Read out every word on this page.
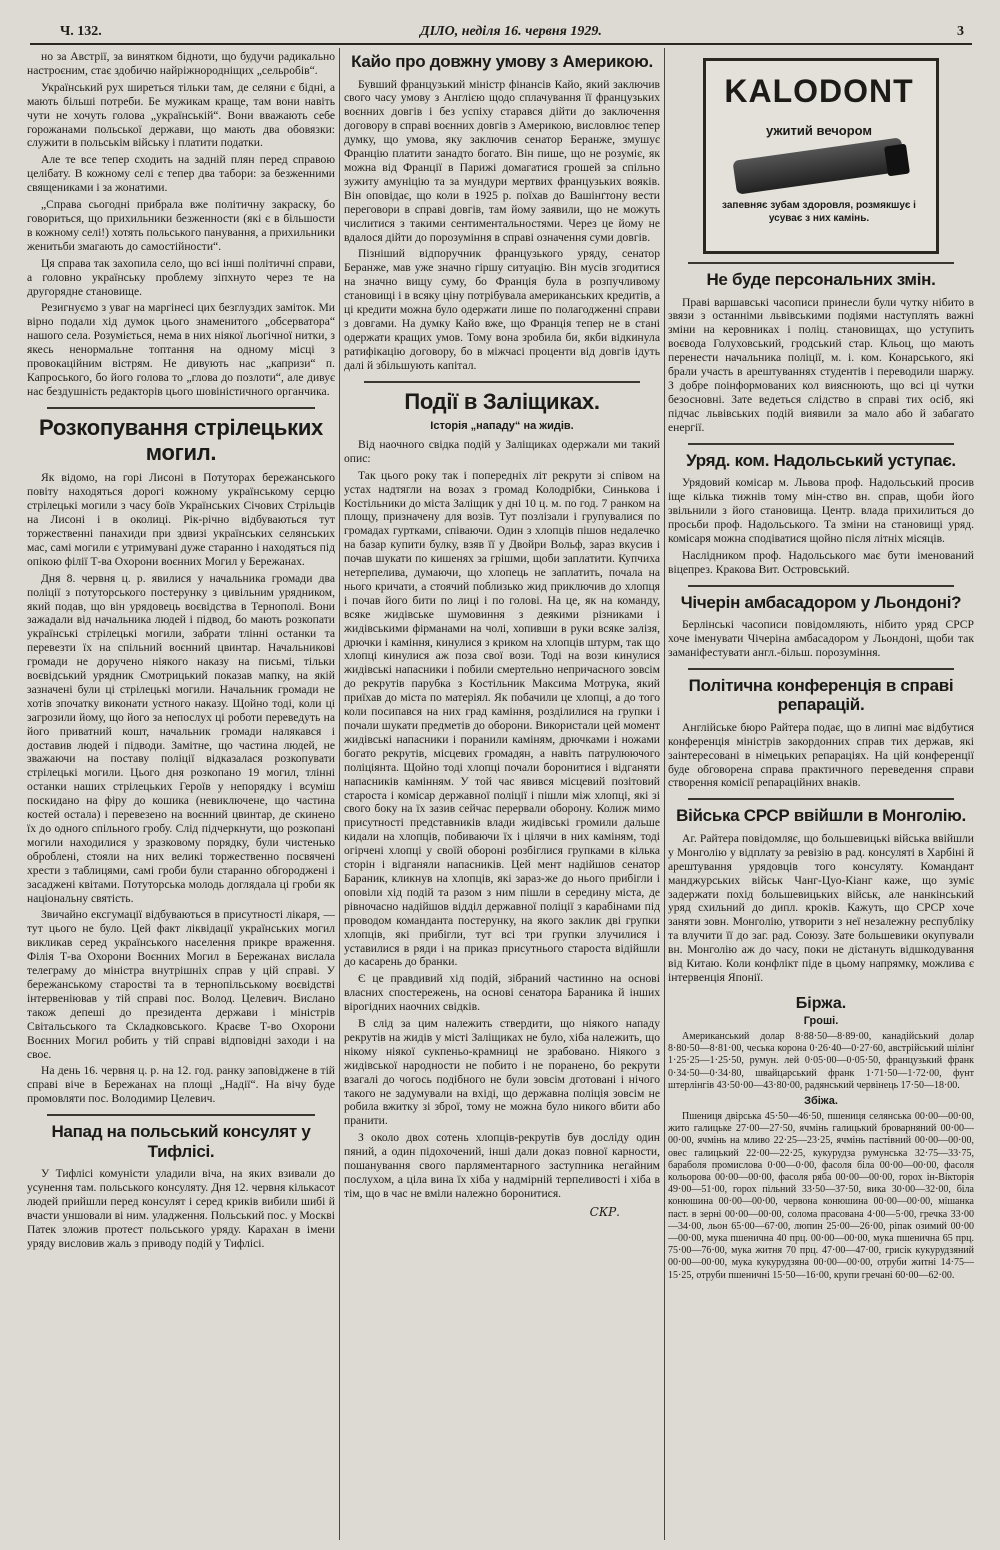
Ч. 132.	ДІЛО, неділя 16. червня 1929.	3

но за Австрії, за винятком бідноти, що будучи радикально настроєним, стає здобичю найріжнородніщих „сельробів“.

Український рух ширеться тільки там, де селяни є бідні, а мають більші потреби. Бе мужикам краще, там вони навіть чути не хочуть голова „українській“. Вони вважають себе горожанами польської держави, що мають два обовязки: служити в польськім війську і платити податки.

Але те все тепер сходить на задній плян перед справою целібату. В кожному селі є тепер два табори: за безженними священиками і за жонатими.

„Справа сьогодні прибрала вже політичну закраску, бо говориться, що прихильники безженности (які є в більшости в кожному селі!) хотять польського панування, а прихильники женитьби змагають до самостійности“.

Ця справа так захопила село, що всі інші політичні справи, а головно українську проблему зіпхнуто через те на другорядне становище.

Резигнуємо з уваг на маргінесі цих безглуздих заміток. Ми вірно подали хід думок цього знаменитого „обсерватора“ нашого села. Розуміється, нема в них ніякої льогічної нитки, з якесь ненормальне топтання на одному місці з провокаційним вістрям. Не дивують нас „капризи“ п. Капроського, бо його голова то „глова до позлоти“, але дивує нас бездушність редакторів цього шовіністичного органчика.

Розкопування стрілецьких могил.

Як відомо, на горі Лисоні в Потуторах бережанського повіту находяться дорогі кожному українському серцю стрілецькі могили з часу боїв Українських Січових Стрільців на Лисоні і в околиці. Рік-річно відбуваються тут торжественні панахиди при здвизі українських селянських мас, самі могили є утримувані дуже старанно і находяться під опікою філії Т-ва Охорони воєнних Могил у Бережанах.

Дня 8. червня ц. р. явилися у начальника громади два поліції з потуторського постерунку з цивільним урядником, який подав, що він урядовець воєвідства в Тернополі. Вони зажадали від начальника людей і підвод, бо мають розкопати українські стрілецькі могили, забрати тлінні останки та перевезти їх на спільний воєнний цвинтар. Начальникові громади не доручено ніякого наказу на письмі, тільки воєвідський урядник Смотрицький показав мапку, на якій зазначені були ці стрілецькі могили. Начальник громади не хотів зпочатку виконати устного наказу. Щойно тоді, коли ці загрозили йому, що його за непослух ці роботи переведуть на його приватний кошт, начальник громади налякався і доставив людей і підводи. Замітне, що частина людей, не зважаючи на поставу поліції відказалася розкопувати стрілецькі могили. Цього дня розкопано 19 могил, тлінні останки наших стрілецьких Героїв у непорядку і всуміш поскидано на фіру до кошика (невиключене, що частина костей остала) і перевезено на воєнний цвинтар, де скинено їх до одного спільного гробу. Слід підчеркнути, що розкопані могили находилися у зразковому порядку, були чистенько оброблені, стояли на них великі торжественно посвячені хрести з таблицями, самі гроби були старанно обгороджені і засаджені квітами. Потуторська молодь доглядала ці гроби як національну святість.

Звичайно ексгумації відбуваються в присутності лікаря, — тут цього не було. Цей факт ліквідації українських могил викликав серед українського населення прикре враження. Філія Т-ва Охорони Воєнних Могил в Бережанах вислала телеграму до міністра внутрішніх справ у цій справі. У бережанському старостві та в тернопільському воєвідстві інтервеніював у тій справі пос. Волод. Целевич. Вислано також депеші до президента держави і міністрів Світальського та Складковського. Краєве Т-во Охорони Воєнних Могил робить у тій справі відповідні заходи і на своє.

На день 16. червня ц. р. на 12. год. ранку заповіджене в тій справі віче в Бережанах на площі „Надії“. На вічу буде промовляти пос. Володимир Целевич.

Напад на польський консулят у Тифлісі.

У Тифлісі комуністи уладили віча, на яких взивали до усунення там. польського консуляту. Дня 12. червня кількасот людей прийшли перед консулят і серед криків вибили шибі й вчасти уншовали ві ним. уладження. Польський пос. у Москві Патек зложив протест польського уряду. Карахан в імени уряду висловив жаль з приводу подій у Тифлісі.

Кайо про довжну умову з Америкою.

Бувший французький міністр фінансів Кайо, який заключив свого часу умову з Англією щодо сплачування її французьких воєнних довгів і без успіху старався дійти до заключення договору в справі воєнних довгів з Америкою, висловлює тепер думку, що умова, яку заключив сенатор Беранже, змушує Францію платити занадто богато. Він пише, що не розуміє, як можна від Франції в Парижі домагатися грошей за спільно зужиту амуніцію та за мундури мертвих французьких вояків. Він оповідає, що коли в 1925 р. поїхав до Вашінґтону вести переговори в справі довгів, там йому заявили, що не можуть числитися з такими сентиментальностями. Через це йому не вдалося дійти до порозуміння в справі означення суми довгів.

Пізніший відпоручник французького уряду, сенатор Беранже, мав уже значно гіршу ситуацію. Він мусів згодитися на значно вищу суму, бо Франція була в розпучливому становищі і в всяку ціну потрібувала американських кредитів, а ці кредити можна було одержати лише по полагодженні справи з довгами. На думку Кайо вже, що Франція тепер не в стані одержати кращих умов. Тому вона зробила би, якби відкинула ратифікацію договору, бо в міжчасі проценти від довгів ідуть далі й збільшують капітал.

Події в Заліщиках.
Історія „нападу“ на жидів.

Від наочного свідка подій у Заліщиках одержали ми такий опис:

Так цього року так і попередніх літ рекрути зі співом на устах надтягли на возах з громад Колодрібки, Синькова і Костільники до міста Заліщик у дні 10 ц. м. по год. 7 ранком на площу, призначену для возів. Тут позлізали і групувалися по громадах гуртками, співаючи. Один з хлопців пішов недалечко на базар купити булку, взяв її у Двойри Вольф, зараз вкусив і почав шукати по кишенях за грішми, щоби заплатити. Купчиха нетерпелива, думаючи, що хлопець не заплатить, почала на нього кричати, а стоячий поблизько жид приключив до хлопця і почав його бити по лиці і по голові. На це, як на команду, всяке жидівське шумовиння з деякими різниками і жидівськими фірманами на чолі, хопивши в руки всяке залізя, дрючки і каміння, кинулися з криком на хлопців штурм, так що хлопці кинулися аж поза свої вози. Тоді на вози кинулися жидівські напасники і побили смертельно непричасного зовсім до рекрутів парубка з Костільник Максима Мотрука, який приїхав до міста по матеріял. Як побачили це хлопці, а до того коли посипався на них град каміння, розділилися на групки і почали шукати предметів до оборони. Використали цей момент жидівські напасники і поранили каміням, дрючками і ножами богато рекрутів, місцевих громадян, а навіть патрулюючого поліціянта. Щойно тоді хлопці почали боронитися і відганяти напасників камінням. У той час явився місцевий позітовий староста і комісар державної поліції і пішли між хлопці, які зі свого боку на їх зазив сейчас перервали оборону. Колиж мимо присутності представників влади жидівські громили дальше кидали на хлопців, побиваючи їх і цілячи в них каміням, тоді огірчені хлопці у своїй обороні розбіглися групками в кілька сторін і відганяли напасників. Цей мент надійшов сенатор Бараник, кликнув на хлопців, які зараз-же до нього прибігли і оповіли хід подій та разом з ним пішли в середину міста, де рівночасно надійшов відділ державної поліції з карабінами під проводом команданта постерунку, на якого заклик дві групки хлопців, які прибігли, тут всі три групки злучилися і уставилися в ряди і на приказ присутнього староста відійшли до касарень до бранки.

Є це правдивий хід подій, зібраний частинно на основі власних спостережень, на основі сенатора Бараника й інших вірогідних наочних свідків.

В слід за цим належить ствердити, що ніякого нападу рекрутів на жидів у місті Заліщиках не було, хіба належить, що нікому ніякої сукпеньо-крамниці не зрабовано. Ніякого з жидівської народности не побито і не поранено, бо рекрути взагалі до чогось подібного не були зовсім дготовані і нічого такого не задумували на вхіді, що державна поліція зовсім не робила вжитку зі зброї, тому не можна було никого вбити або пранити.

З около двох сотень хлопців-рекрутів був досліду один пяний, а один підохочений, інші дали доказ повної карности, пошанування свого парляментарного заступника негайним послухом, а ціла вина їх хіба у надмірній терпеливості і хіба в тім, що в час не вміли належно боронитися.

СКР.
KALODONT
ужитий вечором
запевняє зубам здоровля, розмякшує і усуває з них камінь.
Не буде персональних змін.

Праві варшавські часописи принесли були чутку нібито в звязи з останніми львівськими подіями наступлять важні зміни на керовниках і поліц. становищах, що уступить воєвода Голуховський, гродський стар. Кльоц, що мають перенести начальника поліції, м. і. ком. Конарського, які брали участь в арештуваннях студентів і переводили шаржу. З добре поінформованих кол вияснюють, що всі ці чутки безосновні. Зате ведеться слідство в справі тих осіб, які підчас львівських подій виявили за мало або й забагато енергії.

Уряд. ком. Надольський уступає.

Урядовий комісар м. Львова проф. Надольський просив іще кілька тижнів тому мін-ство вн. справ, щоби його звільнили з його становища. Центр. влада прихилиться до просьби проф. Надольського. Та зміни на становищі уряд. комісаря можна сподіватися щойно після літніх місяців.

Наслідником проф. Надольського має бути іменований віцепрез. Кракова Вит. Островський.

Чічерін амбасадором у Льондоні?

Берлінські часописи повідомляють, нібито уряд СРСР хоче іменувати Чічеріна амбасадором у Льондоні, щоби так заманіфестувати англ.-більш. порозуміння.

Політична конференція в справі репарацій.

Англійське бюро Райтера подає, що в липні має відбутися конференція міністрів закордонних справ тих держав, які заінтересовані в німецьких репараціях. На цій конференції буде обговорена справа практичного переведення справи створення комісії репараційних внаків.

Війська СРСР ввійшли в Монголію.

Аг. Райтера повідомляє, що большевицькі війська ввійшли у Монголію у відплату за ревізію в рад. консуляті в Харбіні й арештування урядовців того консуляту. Командант манджурських військ Чанг-Цуо-Кіанг каже, що зуміє задержати похід большевицьких військ, але нанкінський уряд схильний до дипл. кроків. Кажуть, що СРСР хоче заняти зовн. Монголію, утворити з неї незалежну республіку та влучити її до заг. рад. Союзу. Зате большевики окупували вн. Монголію аж до часу, поки не дістануть відшкодування від Китаю. Коли конфлікт піде в цьому напрямку, можлива є інтервенція Японії.

Біржа.
Гроші.

Американський долар 8·88·50—8·89·00, канадійський долар 8·80·50—8·81·00, чеська корона 0·26·40—0·27·60, австрійський шілінґ 1·25·25—1·25·50, румун. лей 0·05·00—0·05·50, французький франк 0·34·50—0·34·80, швайцарський франк 1·71·50—1·72·00, фунт штерлінгів 43·50·00—43·80·00, радянський червінець 17·50—18·00.

Збіжа.

Пшениця двірська 45·50—46·50, пшениця селянська 00·00—00·00, жито галицьке 27·00—27·50, ячмінь галицький броварняний 00·00—00·00, ячмінь на мливо 22·25—23·25, ячмінь пастівний 00·00—00·00, овес галицький 22·00—22·25, кукурудза румунська 32·75—33·75, бараболя промислова 0·00—0·00, фасоля біла 00·00—00·00, фасоля кольорова 00·00—00·00, фасоля ряба 00·00—00·00, горох ін-Вікторія 49·00—51·00, горох пільний 33·50—37·50, вика 30·00—32·00, біла конюшина 00·00—00·00, червона конюшина 00·00—00·00, мішанка паст. в зерні 00·00—00·00, солома прасована 4·00—5·00, гречка 33·00—34·00, льон 65·00—67·00, люпин 25·00—26·00, ріпак озимий 00·00—00·00, мука пшенична 40 прц. 00·00—00·00, мука пшенична 65 прц. 75·00—76·00, мука житня 70 прц. 47·00—47·00, грисік кукурудзяний 00·00—00·00, мука кукурудзяна 00·00—00·00, отруби житні 14·75—15·25, отруби пшеничні 15·50—16·00, крупи гречані 60·00—62·00.
